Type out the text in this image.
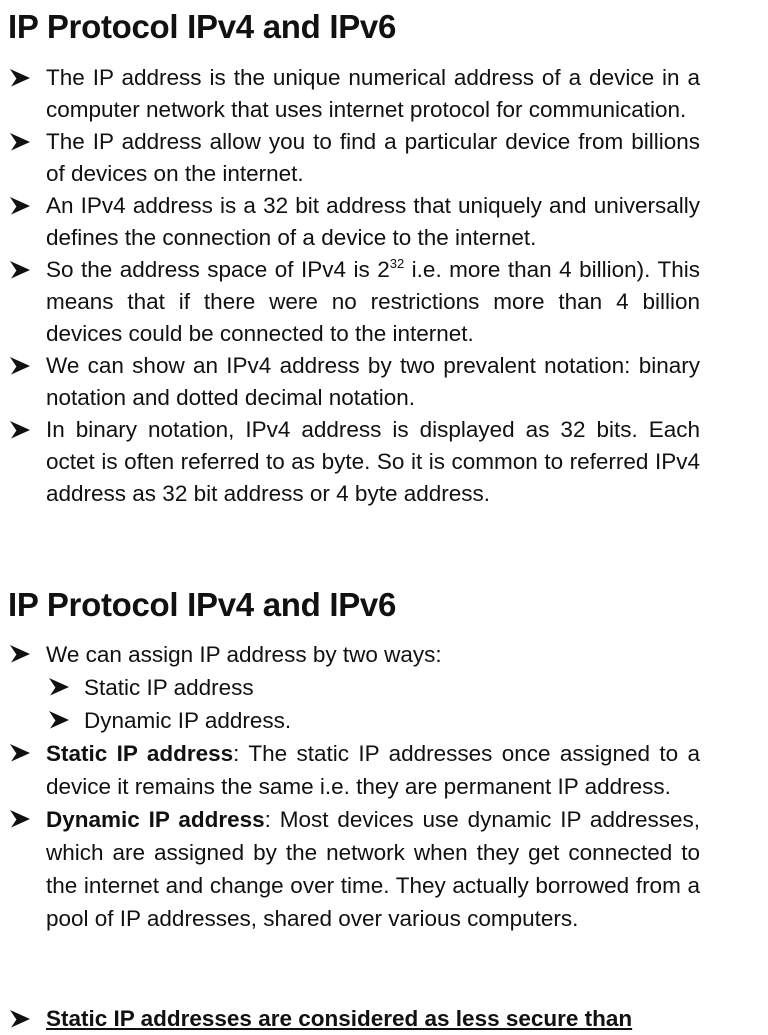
IP Protocol IPv4 and IPv6
The IP address is the unique numerical address of a device in a computer network that uses internet protocol for communication.
The IP address allow you to find a particular device from billions of devices on the internet.
An IPv4 address is a 32 bit address that uniquely and universally defines the connection of a device to the internet.
So the address space of IPv4 is $2^{32}$ i.e. more than 4 billion). This means that if there were no restrictions more than 4 billion devices could be connected to the internet.
We can show an IPv4 address by two prevalent notation: binary notation and dotted decimal notation.
In binary notation, IPv4 address is displayed as 32 bits. Each octet is often referred to as byte. So it is common to referred IPv4 address as 32 bit address or 4 byte address.
IP Protocol IPv4 and IPv6
We can assign IP address by two ways:
Static IP address
Dynamic IP address.
Static IP address: The static IP addresses once assigned to a device it remains the same i.e. they are permanent IP address.
Dynamic IP address: Most devices use dynamic IP addresses, which are assigned by the network when they get connected to the internet and change over time. They actually borrowed from a pool of IP addresses, shared over various computers.
Static IP addresses are considered as less secure than
